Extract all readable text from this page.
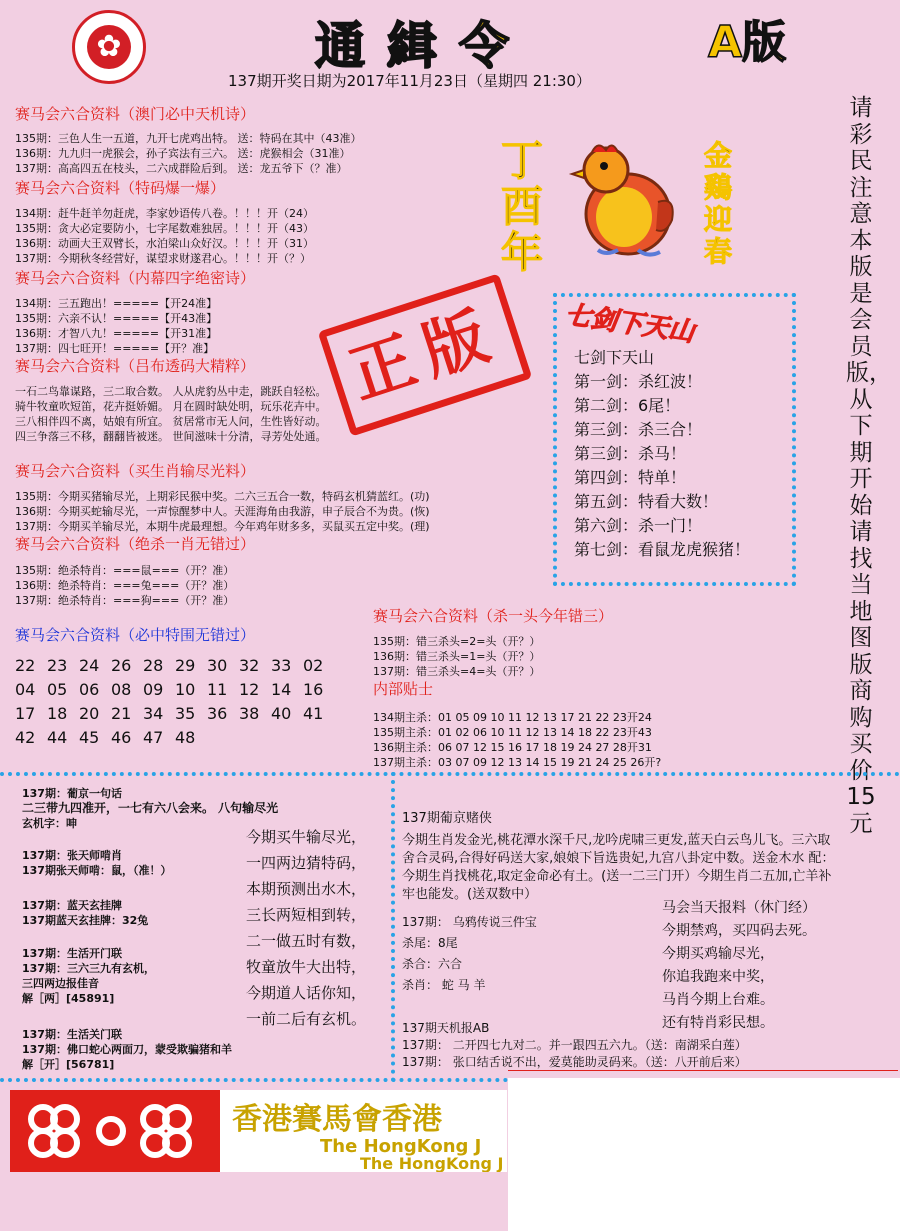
✿	通緝令	A版
137期开奖日期为2017年11月23日（星期四 21:30）
赛马会六合资料（澳门必中天机诗）
135期：三色人生一五道，九开七虎鸡出特。 送：特码在其中（43准）
136期：九九归一虎猴会，孙子宾法有三六。 送：虎猴相会（31准）
137期：高高四五在枝头，二六成群险后到。 送：龙五爷下（？准）
赛马会六合资料（特码爆一爆）
134期：赶牛赶羊勿赶虎，李家妙语传八卷。！！！开（24）
135期：贪大必定要防小，七字尾数难独居。！！！开（43）
136期：动画大王双臂长，水泊梁山众好汉。！！！开（31）
137期：今期秋冬经营好，谋望求财遂君心。！！！开（？）
赛马会六合资料（内幕四字绝密诗）
134期：三五跑出！=====【开24准】
135期：六亲不认！=====【开43准】
136期：才智八九！=====【开31准】
137期：四七旺开！=====【开？准】
赛马会六合资料（吕布透码大精粹）
一石二鸟靠谋路，三二取合数。 人从虎豹丛中走，跳跃自轻松。
骑牛牧童吹短笛，花卉挺娇媚。 月在圆时缺处明，玩乐花卉中。
三八相伴四不离，姑娘有所宜。 贫居常市无人问，生性皆好动。
四三争落三不移，翻翻皆被迷。 世间滋味十分清，寻芳处处通。
赛马会六合资料（买生肖输尽光料）
135期：今期买猪输尽光，上期彩民猴中奖。二六三五合一数，特码玄机猜蓝红。(功)
136期：今期买蛇输尽光，一声惊醒梦中人。天涯海角由我游，申子辰合不为贵。(恢)
137期：今期买羊输尽光，本期牛虎最理想。今年鸡年财多多，买鼠买五定中奖。(理)
赛马会六合资料（绝杀一肖无错过）
135期：绝杀特肖：===鼠===（开？准）
136期：绝杀特肖：===兔===（开？准）
137期：绝杀特肖：===狗===（开？准）
赛马会六合资料（必中特围无错过）
22 23 24 26 28 29 30 32 33 02
04 05 06 08 09 10 11 12 14 16
17 18 20 21 34 35 36 38 40 41
42 44 45 46 47 48
丁酉年
金鷄迎春
正版
请彩民注意本版是会员版，从下期开始请找当地图版商购买价15元
七剑下天山
七剑下天山
第一剑：杀红波！
第二剑：6尾！
第三剑：杀三合！
第三剑：杀马！
第四剑：特单！
第五剑：特看大数！
第六剑：杀一门！
第七剑：看鼠龙虎猴猪！
赛马会六合资料（杀一头今年错三）
135期：错三杀头=2=头（开？）
136期：错三杀头=1=头（开？）
137期：错三杀头=4=头（开？）
内部贴士
134期主杀：01 05 09 10 11 12 13 17 21 22 23开24
135期主杀：01 02 06 10 11 12 13 14 18 22 23开43
136期主杀：06 07 12 15 16 17 18 19 24 27 28开31
137期主杀：03 07 09 12 13 14 15 19 21 24 25 26开?
137期：葡京一句话
二三带九四准开，一七有六八会来。 八句输尽光
玄机字：呻
137期：张天师啃肖
137期张天师啃：鼠，（准！）
137期：蓝天玄挂牌
137期蓝天玄挂牌：32兔
137期：生活开门联
137期：三六三九有玄机，
三四两边报佳音
解［两］[45891]
137期：生活关门联
137期：佛口蛇心两面刀，蒙受欺骗猪和羊
解［开］[56781]
今期买牛输尽光，
一四两边猜特码，
本期预测出水木，
三长两短相到转，
二一做五时有数，
牧童放牛大出特，
今期道人话你知，
一前二后有玄机。
137期葡京赌侠
今期生肖发金光,桃花潭水深千尺,龙吟虎啸三更发,蓝天白云鸟儿飞。三六取舍合灵码,合得好码送大家,娘娘下旨选贵妃,九宫八卦定中数。送金木水 配：今期生肖找桃花,取定金命必有土。(送一二三门开）今期生肖二五加,亡羊补牢也能发。(送双数中）
137期： 乌鸦传说三件宝
杀尾：8尾
杀合：六合
杀肖： 蛇 马 羊
马会当天报料（休门经）
今期禁鸡，买四码去死。
今期买鸡输尽光，
你追我跑来中奖，
马肖今期上台难。
还有特肖彩民想。
137期天机报AB
137期： 二开四七九对二。并一跟四五六九。（送：南湖采白莲）
137期： 张口结舌说不出，爱莫能助灵码来。（送：八开前后来）
香港賽馬會香港
The HongKong J
The HongKong J
